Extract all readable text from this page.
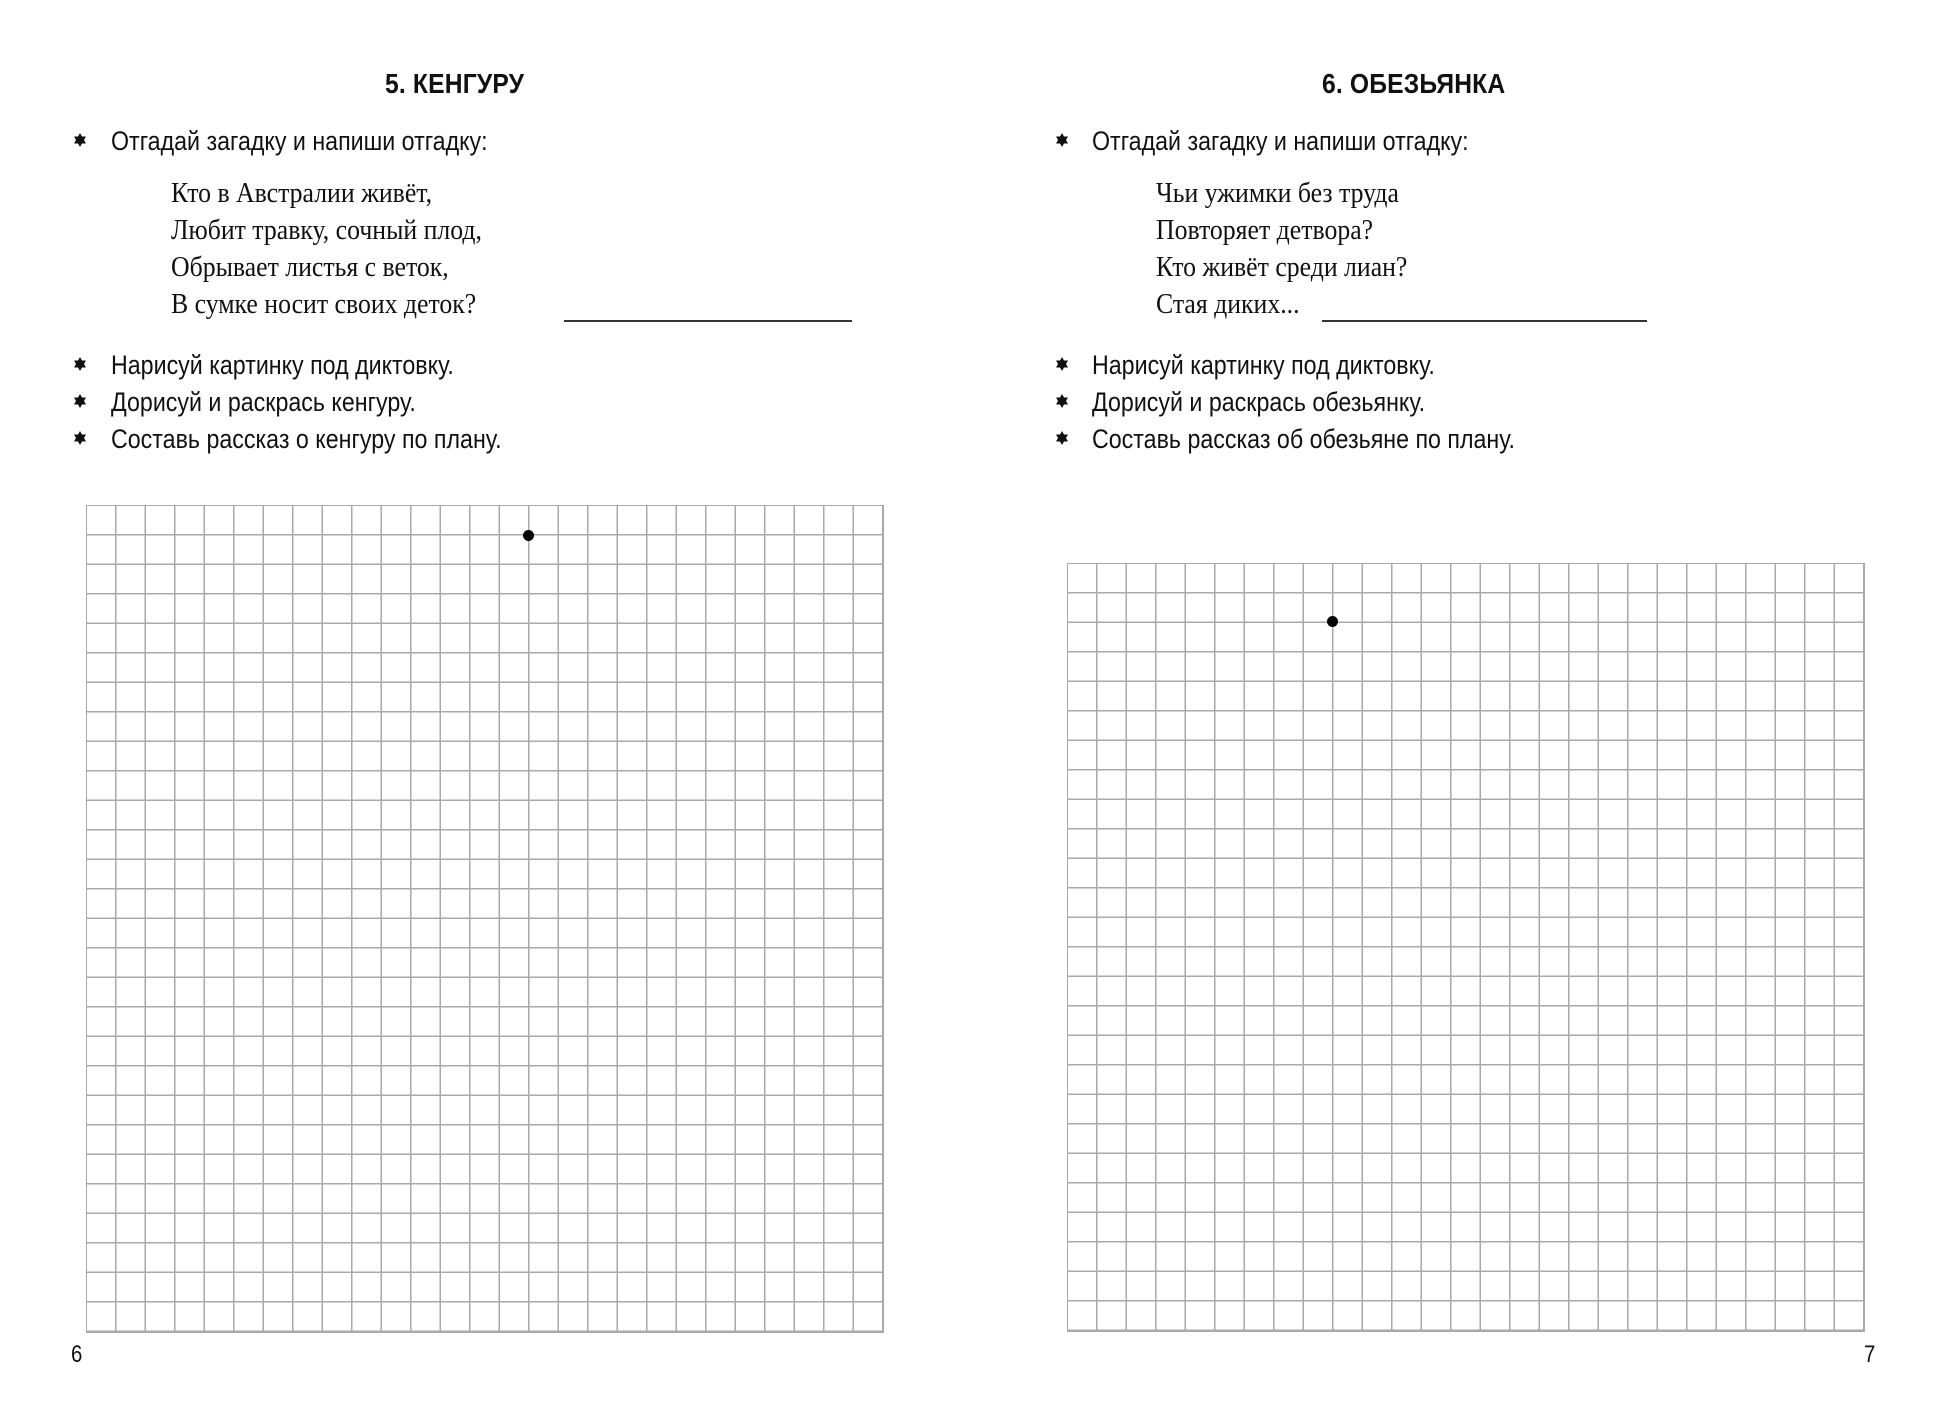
5. КЕНГУРУ
Отгадай загадку и напиши отгадку:
Кто в Австралии живёт,
Любит травку, сочный плод,
Обрывает листья с веток,
В сумке носит своих деток?
Нарисуй картинку под диктовку.
Дорисуй и раскрась кенгуру.
Составь рассказ о кенгуру по плану.
6
6. ОБЕЗЬЯНКА
Отгадай загадку и напиши отгадку:
Чьи ужимки без труда
Повторяет детвора?
Кто живёт среди лиан?
Стая диких...
Нарисуй картинку под диктовку.
Дорисуй и раскрась обезьянку.
Составь рассказ об обезьяне по плану.
7
